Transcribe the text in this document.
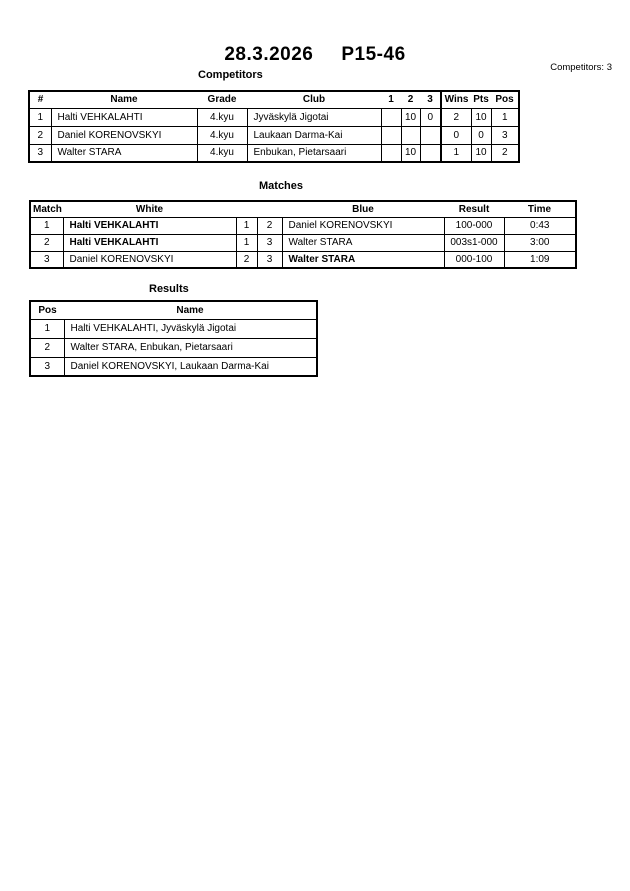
28.3.2026 P15-46
Competitors: 3
Competitors
#	Name	Grade	Club	1	2	3	Wins	Pts	Pos
1	Halti VEHKALAHTI	4.kyu	Jyväskylä Jigotai		10	0	2	10	1
2	Daniel KORENOVSKYI	4.kyu	Laukaan Darma-Kai				0	0	3
3	Walter STARA	4.kyu	Enbukan, Pietarsaari		10		1	10	2
Matches
Match	White			Blue	Result	Time
1	Halti VEHKALAHTI	1	2	Daniel KORENOVSKYI	100-000	0:43
2	Halti VEHKALAHTI	1	3	Walter STARA	003s1-000	3:00
3	Daniel KORENOVSKYI	2	3	Walter STARA	000-100	1:09
Results
Pos	Name
1	Halti VEHKALAHTI, Jyväskylä Jigotai
2	Walter STARA, Enbukan, Pietarsaari
3	Daniel KORENOVSKYI, Laukaan Darma-Kai
